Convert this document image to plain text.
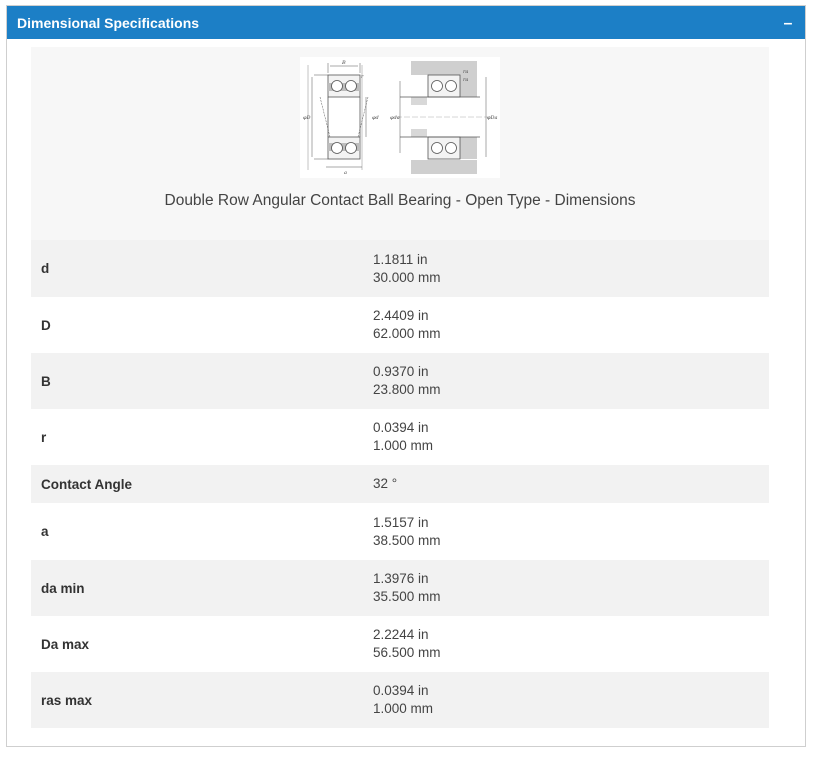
Dimensional Specifications	–
B
r
φD	φd
a
φda	φDa
ra
ra
Double Row Angular Contact Ball Bearing - Open Type - Dimensions
d	1.1811 in
30.000 mm

D	2.4409 in
62.000 mm

B	0.9370 in
23.800 mm

r	0.0394 in
1.000 mm

Contact Angle	32 °

a	1.5157 in
38.500 mm

da min	1.3976 in
35.500 mm

Da max	2.2244 in
56.500 mm

ras max	0.0394 in
1.000 mm
